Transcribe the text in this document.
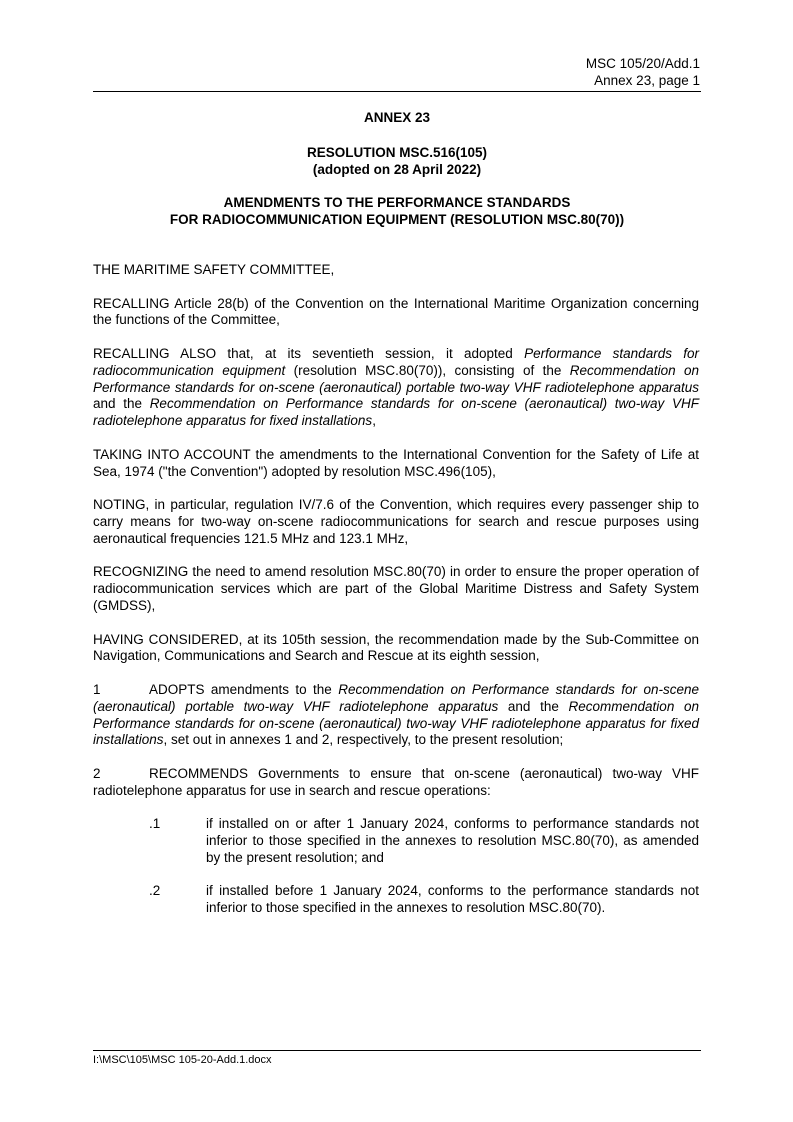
MSC 105/20/Add.1
Annex 23, page 1
ANNEX 23
RESOLUTION MSC.516(105)
(adopted on 28 April 2022)
AMENDMENTS TO THE PERFORMANCE STANDARDS
FOR RADIOCOMMUNICATION EQUIPMENT (RESOLUTION MSC.80(70))

THE MARITIME SAFETY COMMITTEE,

RECALLING Article 28(b) of the Convention on the International Maritime Organization concerning the functions of the Committee,

RECALLING ALSO that, at its seventieth session, it adopted Performance standards for radiocommunication equipment (resolution MSC.80(70)), consisting of the Recommendation on Performance standards for on-scene (aeronautical) portable two-way VHF radiotelephone apparatus and the Recommendation on Performance standards for on-scene (aeronautical) two-way VHF radiotelephone apparatus for fixed installations,

TAKING INTO ACCOUNT the amendments to the International Convention for the Safety of Life at Sea, 1974 ("the Convention") adopted by resolution MSC.496(105),

NOTING, in particular, regulation IV/7.6 of the Convention, which requires every passenger ship to carry means for two-way on-scene radiocommunications for search and rescue purposes using aeronautical frequencies 121.5 MHz and 123.1 MHz,

RECOGNIZING the need to amend resolution MSC.80(70) in order to ensure the proper operation of radiocommunication services which are part of the Global Maritime Distress and Safety System (GMDSS),

HAVING CONSIDERED, at its 105th session, the recommendation made by the Sub-Committee on Navigation, Communications and Search and Rescue at its eighth session,

1	ADOPTS amendments to the Recommendation on Performance standards for on-scene (aeronautical) portable two-way VHF radiotelephone apparatus and the Recommendation on Performance standards for on-scene (aeronautical) two-way VHF radiotelephone apparatus for fixed installations, set out in annexes 1 and 2, respectively, to the present resolution;

2	RECOMMENDS Governments to ensure that on-scene (aeronautical) two-way VHF radiotelephone apparatus for use in search and rescue operations:

.1	if installed on or after 1 January 2024, conforms to performance standards not inferior to those specified in the annexes to resolution MSC.80(70), as amended by the present resolution; and
.2	if installed before 1 January 2024, conforms to the performance standards not inferior to those specified in the annexes to resolution MSC.80(70).
I:\MSC\105\MSC 105-20-Add.1.docx
